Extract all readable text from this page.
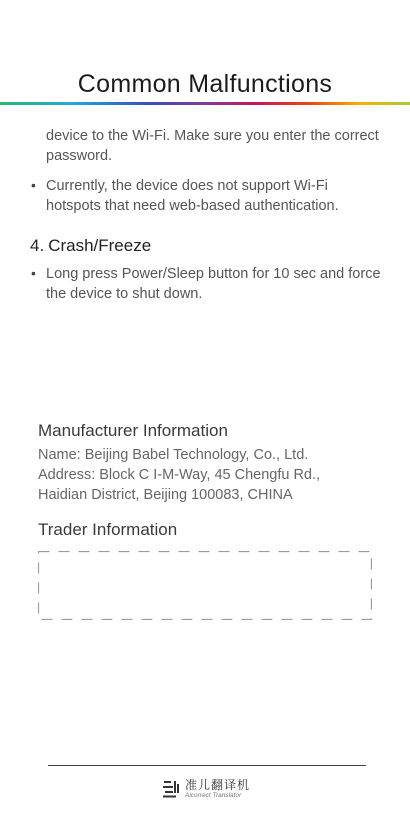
Common Malfunctions
device to the Wi-Fi. Make sure you enter the correct password.
• Currently, the device does not support Wi-Fi hotspots that need web-based authentication.
4. Crash/Freeze
• Long press Power/Sleep button for 10 sec and force the device to shut down.
Manufacturer Information
Name: Beijing Babel Technology, Co., Ltd.
Address: Block C I-M-Way, 45 Chengfu Rd., Haidian District, Beijing 100083, CHINA
Trader Information
准儿翻译机
Aicorrect Translator
